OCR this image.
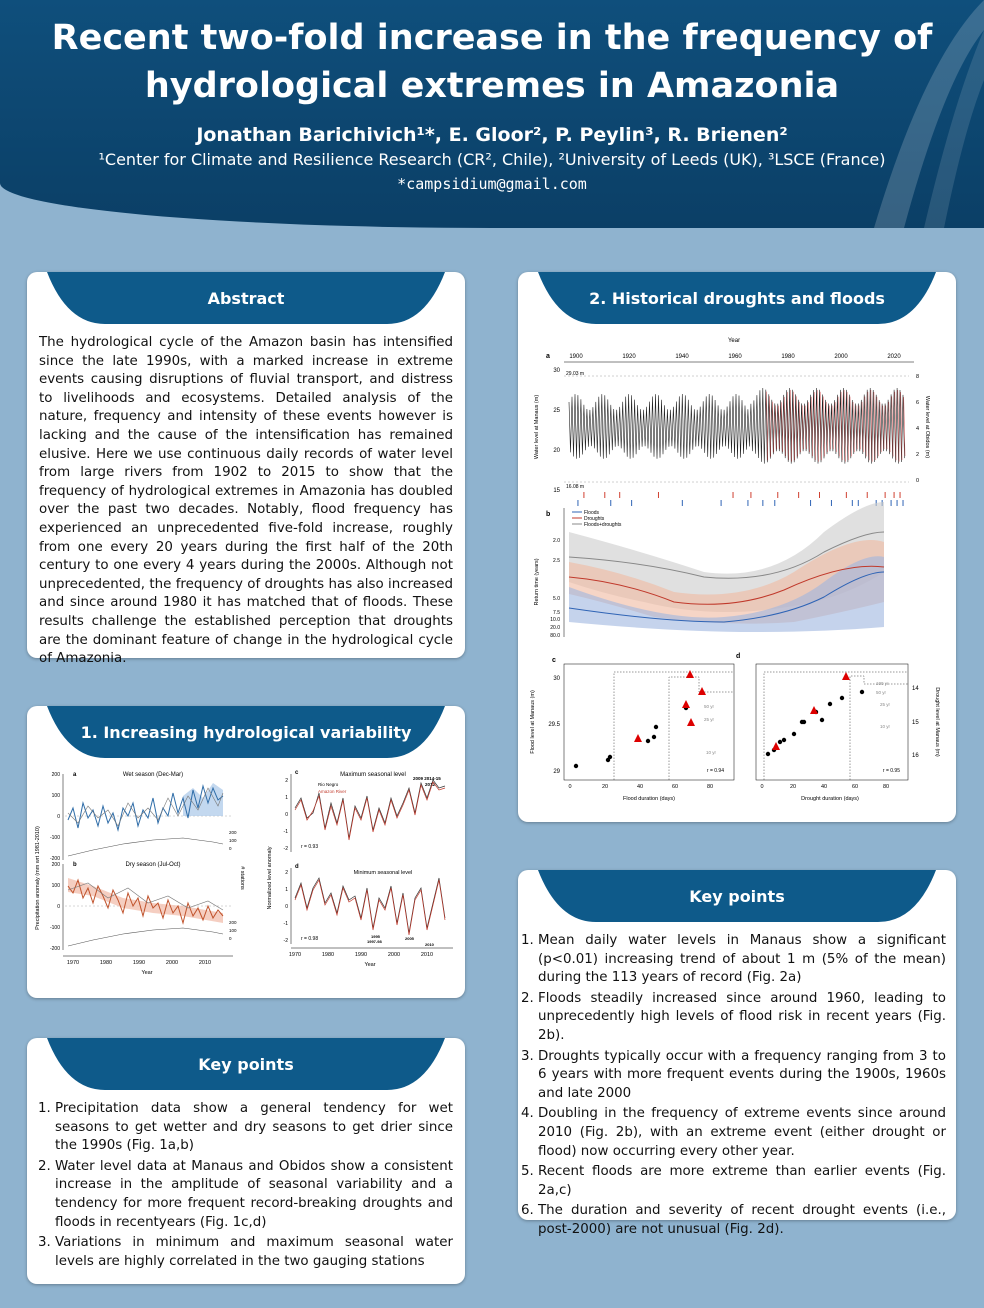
Recent two-fold increase in the frequency of
hydrological extremes in Amazonia
Jonathan Barichivich¹*, E. Gloor², P. Peylin³, R. Brienen²
¹Center for Climate and Resilience Research (CR², Chile), ²University of Leeds (UK), ³LSCE (France)
*campsidium@gmail.com
Abstract
The hydrological cycle of the Amazon basin has intensified since the late 1990s, with a marked increase in extreme events causing disruptions of fluvial transport, and distress to livelihoods and ecosystems. Detailed analysis of the nature, frequency and intensity of these events however is lacking and the cause of the intensification has remained elusive. Here we use continuous daily records of water level from large rivers from 1902 to 2015 to show that the frequency of hydrological extremes in Amazonia has doubled over the past two decades. Notably, flood frequency has experienced an unprecedented five-fold increase, roughly from one every 20 years during the first half of the 20th century to one every 4 years during the 2000s. Although not unprecedented, the frequency of droughts has also increased and since around 1980 it has matched that of floods. These results challenge the established perception that droughts are the dominant feature of change in the hydrological cycle of Amazonia.
1. Increasing hydrological variability
Precipitation anomaly (mm wrt 1981-2010)	# stations
a	Wet season (Dec-Mar)
200
100
0
-100
-200
200
100
0
b	Dry season (Jul-Oct)
200
100
0
-100
-200
200
100
0
1970	1980	1990	2000	2010
Year
Normalized level anomaly
c	Maximum seasonal level
2
1
0
-1
-2
Rio Negro
Amazon River
2009 2014-15
2012
r = 0.93
d
Minimum seasonal level
2
1
0
-1
-2	r = 0.98	1995
1997-98
2005
2010
1970	1980	1990	2000	2010
Year
Key points
1. Precipitation data show a general tendency for wet seasons to get wetter and dry seasons to get drier since the 1990s (Fig. 1a,b)
2. Water level data at Manaus and Obidos show a consistent increase in the amplitude of seasonal variability and a tendency for more frequent record-breaking droughts and floods in recentyears (Fig. 1c,d)
3. Variations in minimum and maximum seasonal water levels are highly correlated in the two gauging stations
2. Historical droughts and floods
Year
1900	1920	1940	1960	1980	2000	2020
a
Water level at Manaus (m)	Water level at Obidos (m)
30
25
20
15
8
6
4
2
0
29.03 m
16.08 m
b
Return time (years)
2.0
2.5
5.0
7.5
10.0
20.0
80.0
Floods
Droughts
Floods+droughts
c
Flood level at Manaus (m)
30
29.5
29
0	20	40	60	80
Flood duration (days)
50 yr
25 yr
10 yr
r = 0.94
d
Drought level at Manaus (m)
14
15
16
0	20	40	60	80
Drought duration (days)
100 yr
50 yr
25 yr
10 yr
r = 0.95
Key points
1. Mean daily water levels in Manaus show a significant (p<0.01) increasing trend of about 1 m (5% of the mean) during the 113 years of record (Fig. 2a)
2. Floods steadily increased since around 1960, leading to unprecedently high levels of flood risk in recent years (Fig. 2b).
3. Droughts typically occur with a frequency ranging from 3 to 6 years with more frequent events during the 1900s, 1960s and late 2000
4. Doubling in the frequency of extreme events since around 2010 (Fig. 2b), with an extreme event (either drought or flood) now occurring every other year.
5. Recent floods are more extreme than earlier events (Fig. 2a,c)
6. The duration and severity of recent drought events (i.e., post-2000) are not unusual (Fig. 2d).
